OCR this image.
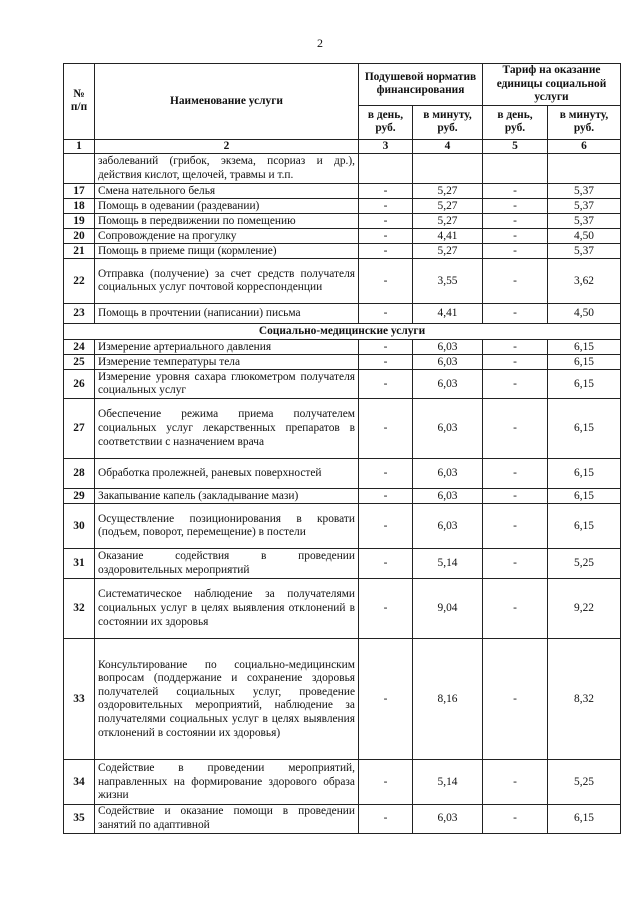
2
№ п/п	Наименование услуги	Подушевой норматив финансирования		Тариф на оказание единицы социальной услуги	
		в день, руб.	в минуту, руб.	в день, руб.	в минуту, руб.
1	2	3	4	5	6
	заболеваний (грибок, экзема, псориаз и др.), действия кислот, щелочей, травмы и т.п.				
17	Смена нательного белья	-	5,27	-	5,37
18	Помощь в одевании (раздевании)	-	5,27	-	5,37
19	Помощь в передвижении по помещению	-	5,27	-	5,37
20	Сопровождение на прогулку	-	4,41	-	4,50
21	Помощь в приеме пищи (кормление)	-	5,27	-	5,37
22	Отправка (получение) за счет средств получателя социальных услуг почтовой корреспонденции	-	3,55	-	3,62
23	Помощь в прочтении (написании) письма	-	4,41	-	4,50
Социально-медицинские услуги					
24	Измерение артериального давления	-	6,03	-	6,15
25	Измерение температуры тела	-	6,03	-	6,15
26	Измерение уровня сахара глюкометром получателя социальных услуг	-	6,03	-	6,15
27	Обеспечение режима приема получателем социальных услуг лекарственных препаратов в соответствии с назначением врача	-	6,03	-	6,15
28	Обработка пролежней, раневых поверхностей	-	6,03	-	6,15
29	Закапывание капель (закладывание мази)	-	6,03	-	6,15
30	Осуществление позиционирования в кровати (подъем, поворот, перемещение) в постели	-	6,03	-	6,15
31	Оказание содействия в проведении оздоровительных мероприятий	-	5,14	-	5,25
32	Систематическое наблюдение за получателями социальных услуг в целях выявления отклонений в состоянии их здоровья	-	9,04	-	9,22
33	Консультирование по социально-медицинским вопросам (поддержание и сохранение здоровья получателей социальных услуг, проведение оздоровительных мероприятий, наблюдение за получателями социальных услуг в целях выявления отклонений в состоянии их здоровья)	-	8,16	-	8,32
34	Содействие в проведении мероприятий, направленных на формирование здорового образа жизни	-	5,14	-	5,25
35	Содействие и оказание помощи в проведении занятий по адаптивной	-	6,03	-	6,15
